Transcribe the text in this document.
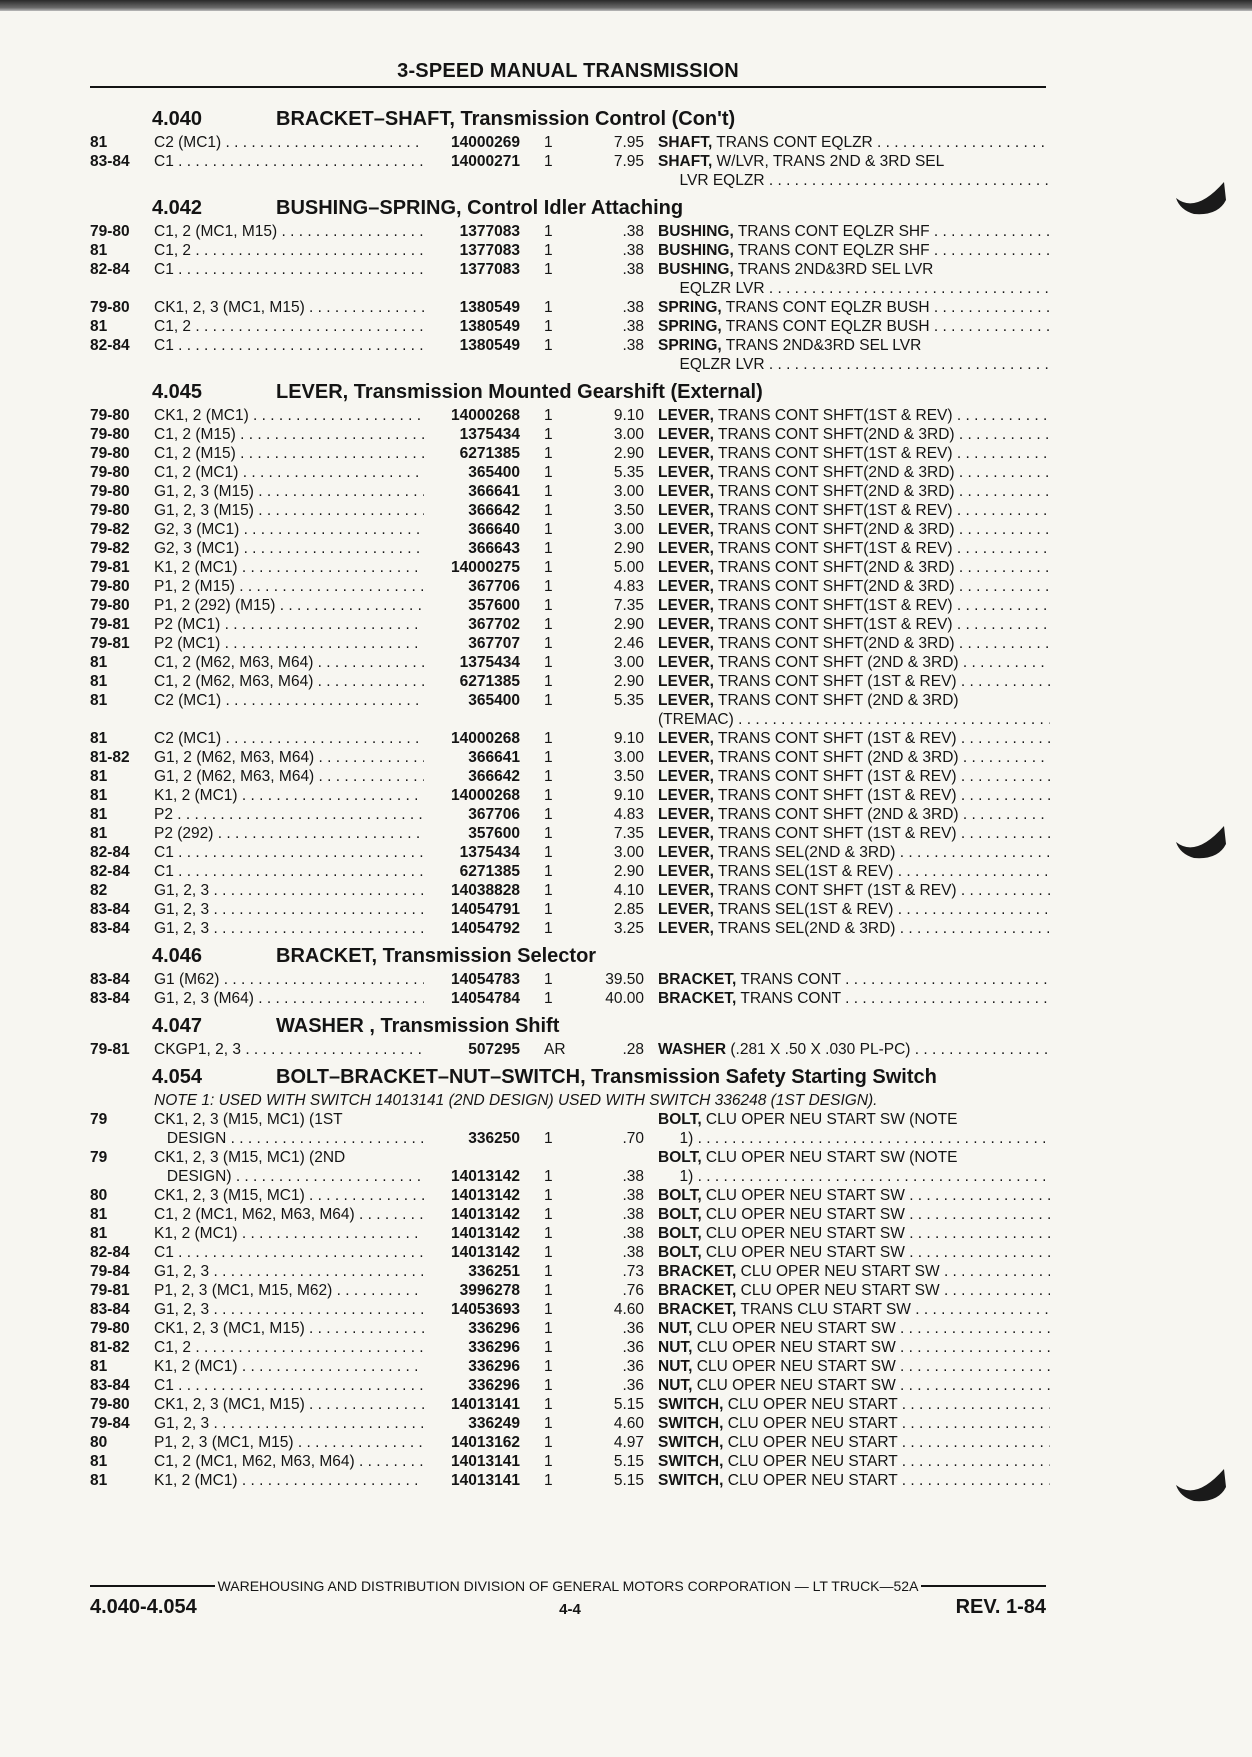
3-SPEED MANUAL TRANSMISSION
4.040	BRACKET–SHAFT, Transmission Control (Con't)
81	C2 (MC1) . . .	14000269	1	7.95 SHAFT, TRANS CONT EQLZR . . .
83-84	C1 . . .	14000271	1	7.95 SHAFT, W/LVR, TRANS 2ND & 3RD SEL
LVR EQLZR . . .
4.042	BUSHING–SPRING, Control Idler Attaching
79-80	C1, 2 (MC1, M15) . . .	1377083	1	.38 BUSHING, TRANS CONT EQLZR SHF . . .
81	C1, 2 . . .	1377083	1	.38 BUSHING, TRANS CONT EQLZR SHF . . .
82-84	C1 . . .	1377083	1	.38 BUSHING, TRANS 2ND&3RD SEL LVR
EQLZR LVR . . .
79-80	CK1, 2, 3 (MC1, M15) . . .	1380549	1	.38 SPRING, TRANS CONT EQLZR BUSH . . .
81	C1, 2 . . .	1380549	1	.38 SPRING, TRANS CONT EQLZR BUSH . . .
82-84	C1 . . .	1380549	1	.38 SPRING, TRANS 2ND&3RD SEL LVR
EQLZR LVR . . .
4.045	LEVER, Transmission Mounted Gearshift (External)
79-80	CK1, 2 (MC1) . . .	14000268	1	9.10 LEVER, TRANS CONT SHFT(1ST & REV) . . .
79-80	C1, 2 (M15) . . .	1375434	1	3.00 LEVER, TRANS CONT SHFT(2ND & 3RD) . . .
79-80	C1, 2 (M15) . . .	6271385	1	2.90 LEVER, TRANS CONT SHFT(1ST & REV) . . .
79-80	C1, 2 (MC1) . . .	365400	1	5.35 LEVER, TRANS CONT SHFT(2ND & 3RD) . . .
79-80	G1, 2, 3 (M15) . . .	366641	1	3.00 LEVER, TRANS CONT SHFT(2ND & 3RD) . . .
79-80	G1, 2, 3 (M15) . . .	366642	1	3.50 LEVER, TRANS CONT SHFT(1ST & REV) . . .
79-82	G2, 3 (MC1) . . .	366640	1	3.00 LEVER, TRANS CONT SHFT(2ND & 3RD) . . .
79-82	G2, 3 (MC1) . . .	366643	1	2.90 LEVER, TRANS CONT SHFT(1ST & REV) . . .
79-81	K1, 2 (MC1) . . .	14000275	1	5.00 LEVER, TRANS CONT SHFT(2ND & 3RD) . . .
79-80	P1, 2 (M15) . . .	367706	1	4.83 LEVER, TRANS CONT SHFT(2ND & 3RD) . . .
79-80	P1, 2 (292) (M15) . . .	357600	1	7.35 LEVER, TRANS CONT SHFT(1ST & REV) . . .
79-81	P2 (MC1) . . .	367702	1	2.90 LEVER, TRANS CONT SHFT(1ST & REV) . . .
79-81	P2 (MC1) . . .	367707	1	2.46 LEVER, TRANS CONT SHFT(2ND & 3RD) . . .
81	C1, 2 (M62, M63, M64) . . .	1375434	1	3.00 LEVER, TRANS CONT SHFT (2ND & 3RD) . . .
81	C1, 2 (M62, M63, M64) . . .	6271385	1	2.90 LEVER, TRANS CONT SHFT (1ST & REV) . . .
81	C2 (MC1) . . .	365400	1	5.35 LEVER, TRANS CONT SHFT (2ND & 3RD)
(TREMAC) . . .
81	C2 (MC1) . . .	14000268	1	9.10 LEVER, TRANS CONT SHFT (1ST & REV) . . .
81-82	G1, 2 (M62, M63, M64) . . .	366641	1	3.00 LEVER, TRANS CONT SHFT (2ND & 3RD) . . .
81	G1, 2 (M62, M63, M64) . . .	366642	1	3.50 LEVER, TRANS CONT SHFT (1ST & REV) . . .
81	K1, 2 (MC1) . . .	14000268	1	9.10 LEVER, TRANS CONT SHFT (1ST & REV) . . .
81	P2 . . .	367706	1	4.83 LEVER, TRANS CONT SHFT (2ND & 3RD) . . .
81	P2 (292) . . .	357600	1	7.35 LEVER, TRANS CONT SHFT (1ST & REV) . . .
82-84	C1 . . .	1375434	1	3.00 LEVER, TRANS SEL(2ND & 3RD) . . .
82-84	C1 . . .	6271385	1	2.90 LEVER, TRANS SEL(1ST & REV) . . .
82	G1, 2, 3 . . .	14038828	1	4.10 LEVER, TRANS CONT SHFT (1ST & REV) . . .
83-84	G1, 2, 3 . . .	14054791	1	2.85 LEVER, TRANS SEL(1ST & REV) . . .
83-84	G1, 2, 3 . . .	14054792	1	3.25 LEVER, TRANS SEL(2ND & 3RD) . . .
4.046	BRACKET, Transmission Selector
83-84	G1 (M62) . . .	14054783	1	39.50 BRACKET, TRANS CONT . . .
83-84	G1, 2, 3 (M64) . . .	14054784	1	40.00 BRACKET, TRANS CONT . . .
4.047	WASHER , Transmission Shift
79-81	CKGP1, 2, 3 . . .	507295	AR	.28 WASHER (.281 X .50 X .030 PL-PC) . . .
4.054	BOLT–BRACKET–NUT–SWITCH, Transmission Safety Starting Switch
NOTE 1: USED WITH SWITCH 14013141 (2ND DESIGN) USED WITH SWITCH 336248 (1ST DESIGN).
79	CK1, 2, 3 (M15, MC1) (1ST	BOLT, CLU OPER NEU START SW (NOTE
DESIGN . . .	336250	1	.70 1) . . .
79	CK1, 2, 3 (M15, MC1) (2ND	BOLT, CLU OPER NEU START SW (NOTE
DESIGN) . . .	14013142	1	.38 1) . . .
80	CK1, 2, 3 (M15, MC1) . . .	14013142	1	.38 BOLT, CLU OPER NEU START SW . . .
81	C1, 2 (MC1, M62, M63, M64) . . .	14013142	1	.38 BOLT, CLU OPER NEU START SW . . .
81	K1, 2 (MC1) . . .	14013142	1	.38 BOLT, CLU OPER NEU START SW . . .
82-84	C1 . . .	14013142	1	.38 BOLT, CLU OPER NEU START SW . . .
79-84	G1, 2, 3 . . .	336251	1	.73 BRACKET, CLU OPER NEU START SW . . .
79-81	P1, 2, 3 (MC1, M15, M62) . . .	3996278	1	.76 BRACKET, CLU OPER NEU START SW . . .
83-84	G1, 2, 3 . . .	14053693	1	4.60 BRACKET, TRANS CLU START SW . . .
79-80	CK1, 2, 3 (MC1, M15) . . .	336296	1	.36 NUT, CLU OPER NEU START SW . . .
81-82	C1, 2 . . .	336296	1	.36 NUT, CLU OPER NEU START SW . . .
81	K1, 2 (MC1) . . .	336296	1	.36 NUT, CLU OPER NEU START SW . . .
83-84	C1 . . .	336296	1	.36 NUT, CLU OPER NEU START SW . . .
79-80	CK1, 2, 3 (MC1, M15) . . .	14013141	1	5.15 SWITCH, CLU OPER NEU START . . .
79-84	G1, 2, 3 . . .	336249	1	4.60 SWITCH, CLU OPER NEU START . . .
80	P1, 2, 3 (MC1, M15) . . .	14013162	1	4.97 SWITCH, CLU OPER NEU START . . .
81	C1, 2 (MC1, M62, M63, M64) . . .	14013141	1	5.15 SWITCH, CLU OPER NEU START . . .
81	K1, 2 (MC1) . . .	14013141	1	5.15 SWITCH, CLU OPER NEU START . . .
WAREHOUSING AND DISTRIBUTION DIVISION OF GENERAL MOTORS CORPORATION — LT TRUCK—52A
4.040-4.054	4-4	REV. 1-84
